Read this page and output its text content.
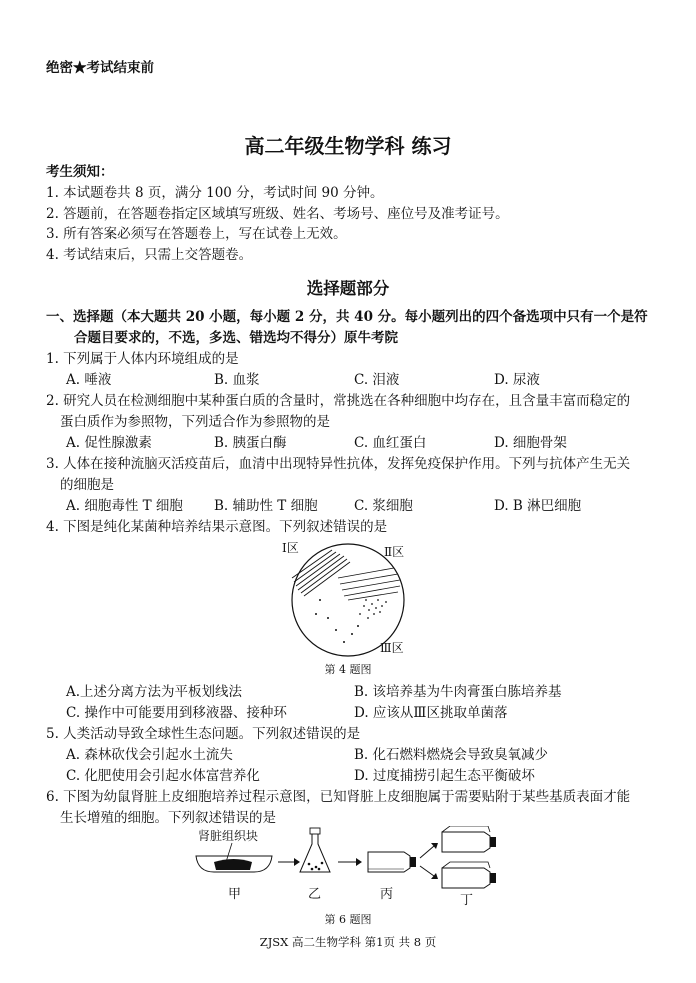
绝密★考试结束前
高二年级生物学科 练习
考生须知：
1. 本试题卷共 8 页，满分 100 分，考试时间 90 分钟。
2. 答题前，在答题卷指定区域填写班级、姓名、考场号、座位号及准考证号。
3. 所有答案必须写在答题卷上，写在试卷上无效。
4. 考试结束后，只需上交答题卷。
选择题部分
一、选择题（本大题共 20 小题，每小题 2 分，共 40 分。每小题列出的四个备选项中只有一个是符
合题目要求的，不选，多选、错选均不得分）原牛考院
1. 下列属于人体内环境组成的是
A. 唾液	B. 血浆	C. 泪液	D. 尿液
2. 研究人员在检测细胞中某种蛋白质的含量时，常挑选在各种细胞中均存在，且含量丰富而稳定的
蛋白质作为参照物，下列适合作为参照物的是
A. 促性腺激素	B. 胰蛋白酶	C. 血红蛋白	D. 细胞骨架
3. 人体在接种流脑灭活疫苗后，血清中出现特异性抗体，发挥免疫保护作用。下列与抗体产生无关
的细胞是
A. 细胞毒性 T 细胞 B. 辅助性 T 细胞	C. 浆细胞	D. B 淋巴细胞
4. 下图是纯化某菌种培养结果示意图。下列叙述错误的是
Ⅰ区	Ⅱ区
Ⅲ区
第 4 题图
A.上述分离方法为平板划线法	B. 该培养基为牛肉膏蛋白胨培养基
C. 操作中可能要用到移液器、接种环	D. 应该从Ⅲ区挑取单菌落
5. 人类活动导致全球性生态问题。下列叙述错误的是
A. 森林砍伐会引起水土流失	B. 化石燃料燃烧会导致臭氧减少
C. 化肥使用会引起水体富营养化	D. 过度捕捞引起生态平衡破坏
6. 下图为幼鼠肾脏上皮细胞培养过程示意图，已知肾脏上皮细胞属于需要贴附于某些基质表面才能
生长增殖的细胞。下列叙述错误的是
肾脏组织块
甲	乙	丙	丁
第 6 题图
ZJSX 高二生物学科 第1页 共 8 页
